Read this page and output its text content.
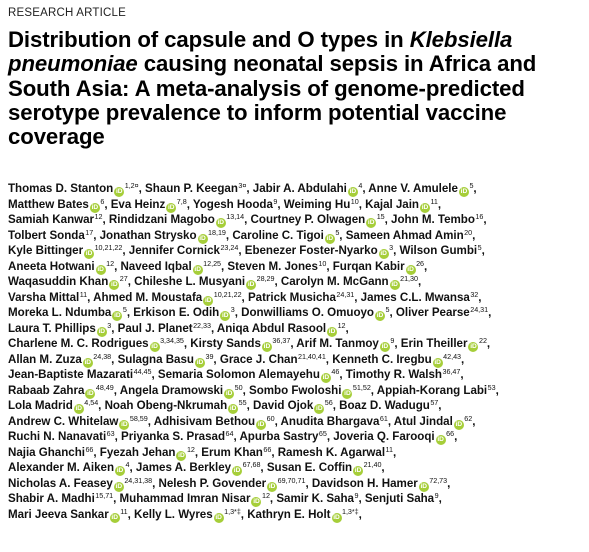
RESEARCH ARTICLE
Distribution of capsule and O types in Klebsiella pneumoniae causing neonatal sepsis in Africa and South Asia: A meta-analysis of genome-predicted serotype prevalence to inform potential vaccine coverage
Thomas D. Stanton $iD^{1,2¤}$, Shaun P. Keegan$^{3¤}$, Jabir A. Abdulahi $iD^4$, Anne V. Amulele $iD^5$,
Matthew Bates $iD^6$, Eva Heinz iD$^{7,8}$, Yogesh Hooda$^9$, Weiming Hu$^{10}$, Kajal Jain $iD^{11}$,
Samiah Kanwar$^{12}$, Rindidzani Magobo iD$^{13,14}$, Courtney P. Olwagen $iD^{15}$, John M. Tembo$^{16}$,
Tolbert Sonda$^{17}$, Jonathan Strysko iD$^{18,19}$, Caroline C. Tigoi $iD^5$, Sameen Ahmad Amin$^{20}$,
Kyle Bittinger iD$^{10,21,22}$, Jennifer Cornick$^{23,24}$, Ebenezer Foster-Nyarko $iD^3$, Wilson Gumbi$^5$,
Aneeta Hotwani $iD^{12}$, Naveed Iqbal iD$^{12,25}$, Steven M. Jones$^{10}$, Furqan Kabir $iD^{26}$,
Waqasuddin Khan $iD^{27}$, Chileshe L. Musyani iD$^{28,29}$, Carolyn M. McGann iD$^{21,30}$,
Varsha Mittal$^{11}$, Ahmed M. Moustafa iD$^{10,21,22}$, Patrick Musicha$^{24,31}$, James C.L. Mwansa$^{32}$,
Moreka L. Ndumba $iD^5$, Erkison E. Odih $iD^3$, Donwilliams O. Omuoyo $iD^5$, Oliver Pearse$^{24,31}$,
Laura T. Phillips $iD^3$, Paul J. Planet$^{22,33}$, Aniqa Abdul Rasool $iD^{12}$,
Charlene M. C. Rodrigues iD$^{3,34,35}$, Kirsty Sands iD$^{36,37}$, Arif M. Tanmoy $iD^9$, Erin Theiller $iD^{22}$,
Allan M. Zuza iD$^{24,38}$, Sulagna Basu $iD^{39}$, Grace J. Chan$^{21,40,41}$, Kenneth C. Iregbu iD$^{42,43}$,
Jean-Baptiste Mazarati$^{44,45}$, Semaria Solomon Alemayehu $iD^{46}$, Timothy R. Walsh$^{36,47}$,
Rabaab Zahra iD$^{48,49}$, Angela Dramowski $iD^{50}$, Sombo Fwoloshi iD$^{51,52}$, Appiah-Korang Labi$^{53}$,
Lola Madrid iD$^{4,54}$, Noah Obeng-Nkrumah $iD^{55}$, David Ojok $iD^{56}$, Boaz D. Wadugu$^{57}$,
Andrew C. Whitelaw iD$^{58,59}$, Adhisivam Bethou $iD^{60}$, Anudita Bhargava$^{61}$, Atul Jindal $iD^{62}$,
Ruchi N. Nanavati$^{63}$, Priyanka S. Prasad$^{64}$, Apurba Sastry$^{65}$, Joveria Q. Farooqi $iD^{66}$,
Najia Ghanchi$^{66}$, Fyezah Jehan $iD^{12}$, Erum Khan$^{66}$, Ramesh K. Agarwal$^{11}$,
Alexander M. Aiken $iD^4$, James A. Berkley iD$^{67,68}$, Susan E. Coffin iD$^{21,40}$,
Nicholas A. Feasey iD$^{24,31,38}$, Nelesh P. Govender iD$^{69,70,71}$, Davidson H. Hamer iD$^{72,73}$,
Shabir A. Madhi$^{15,71}$, Muhammad Imran Nisar $iD^{12}$, Samir K. Saha$^9$, Senjuti Saha$^9$,
Mari Jeeva Sankar $iD^{11}$, Kelly L. Wyres $iD^{1,3*\ddagger}$, Kathryn E. Holt $iD^{1,3*\ddagger}$,
